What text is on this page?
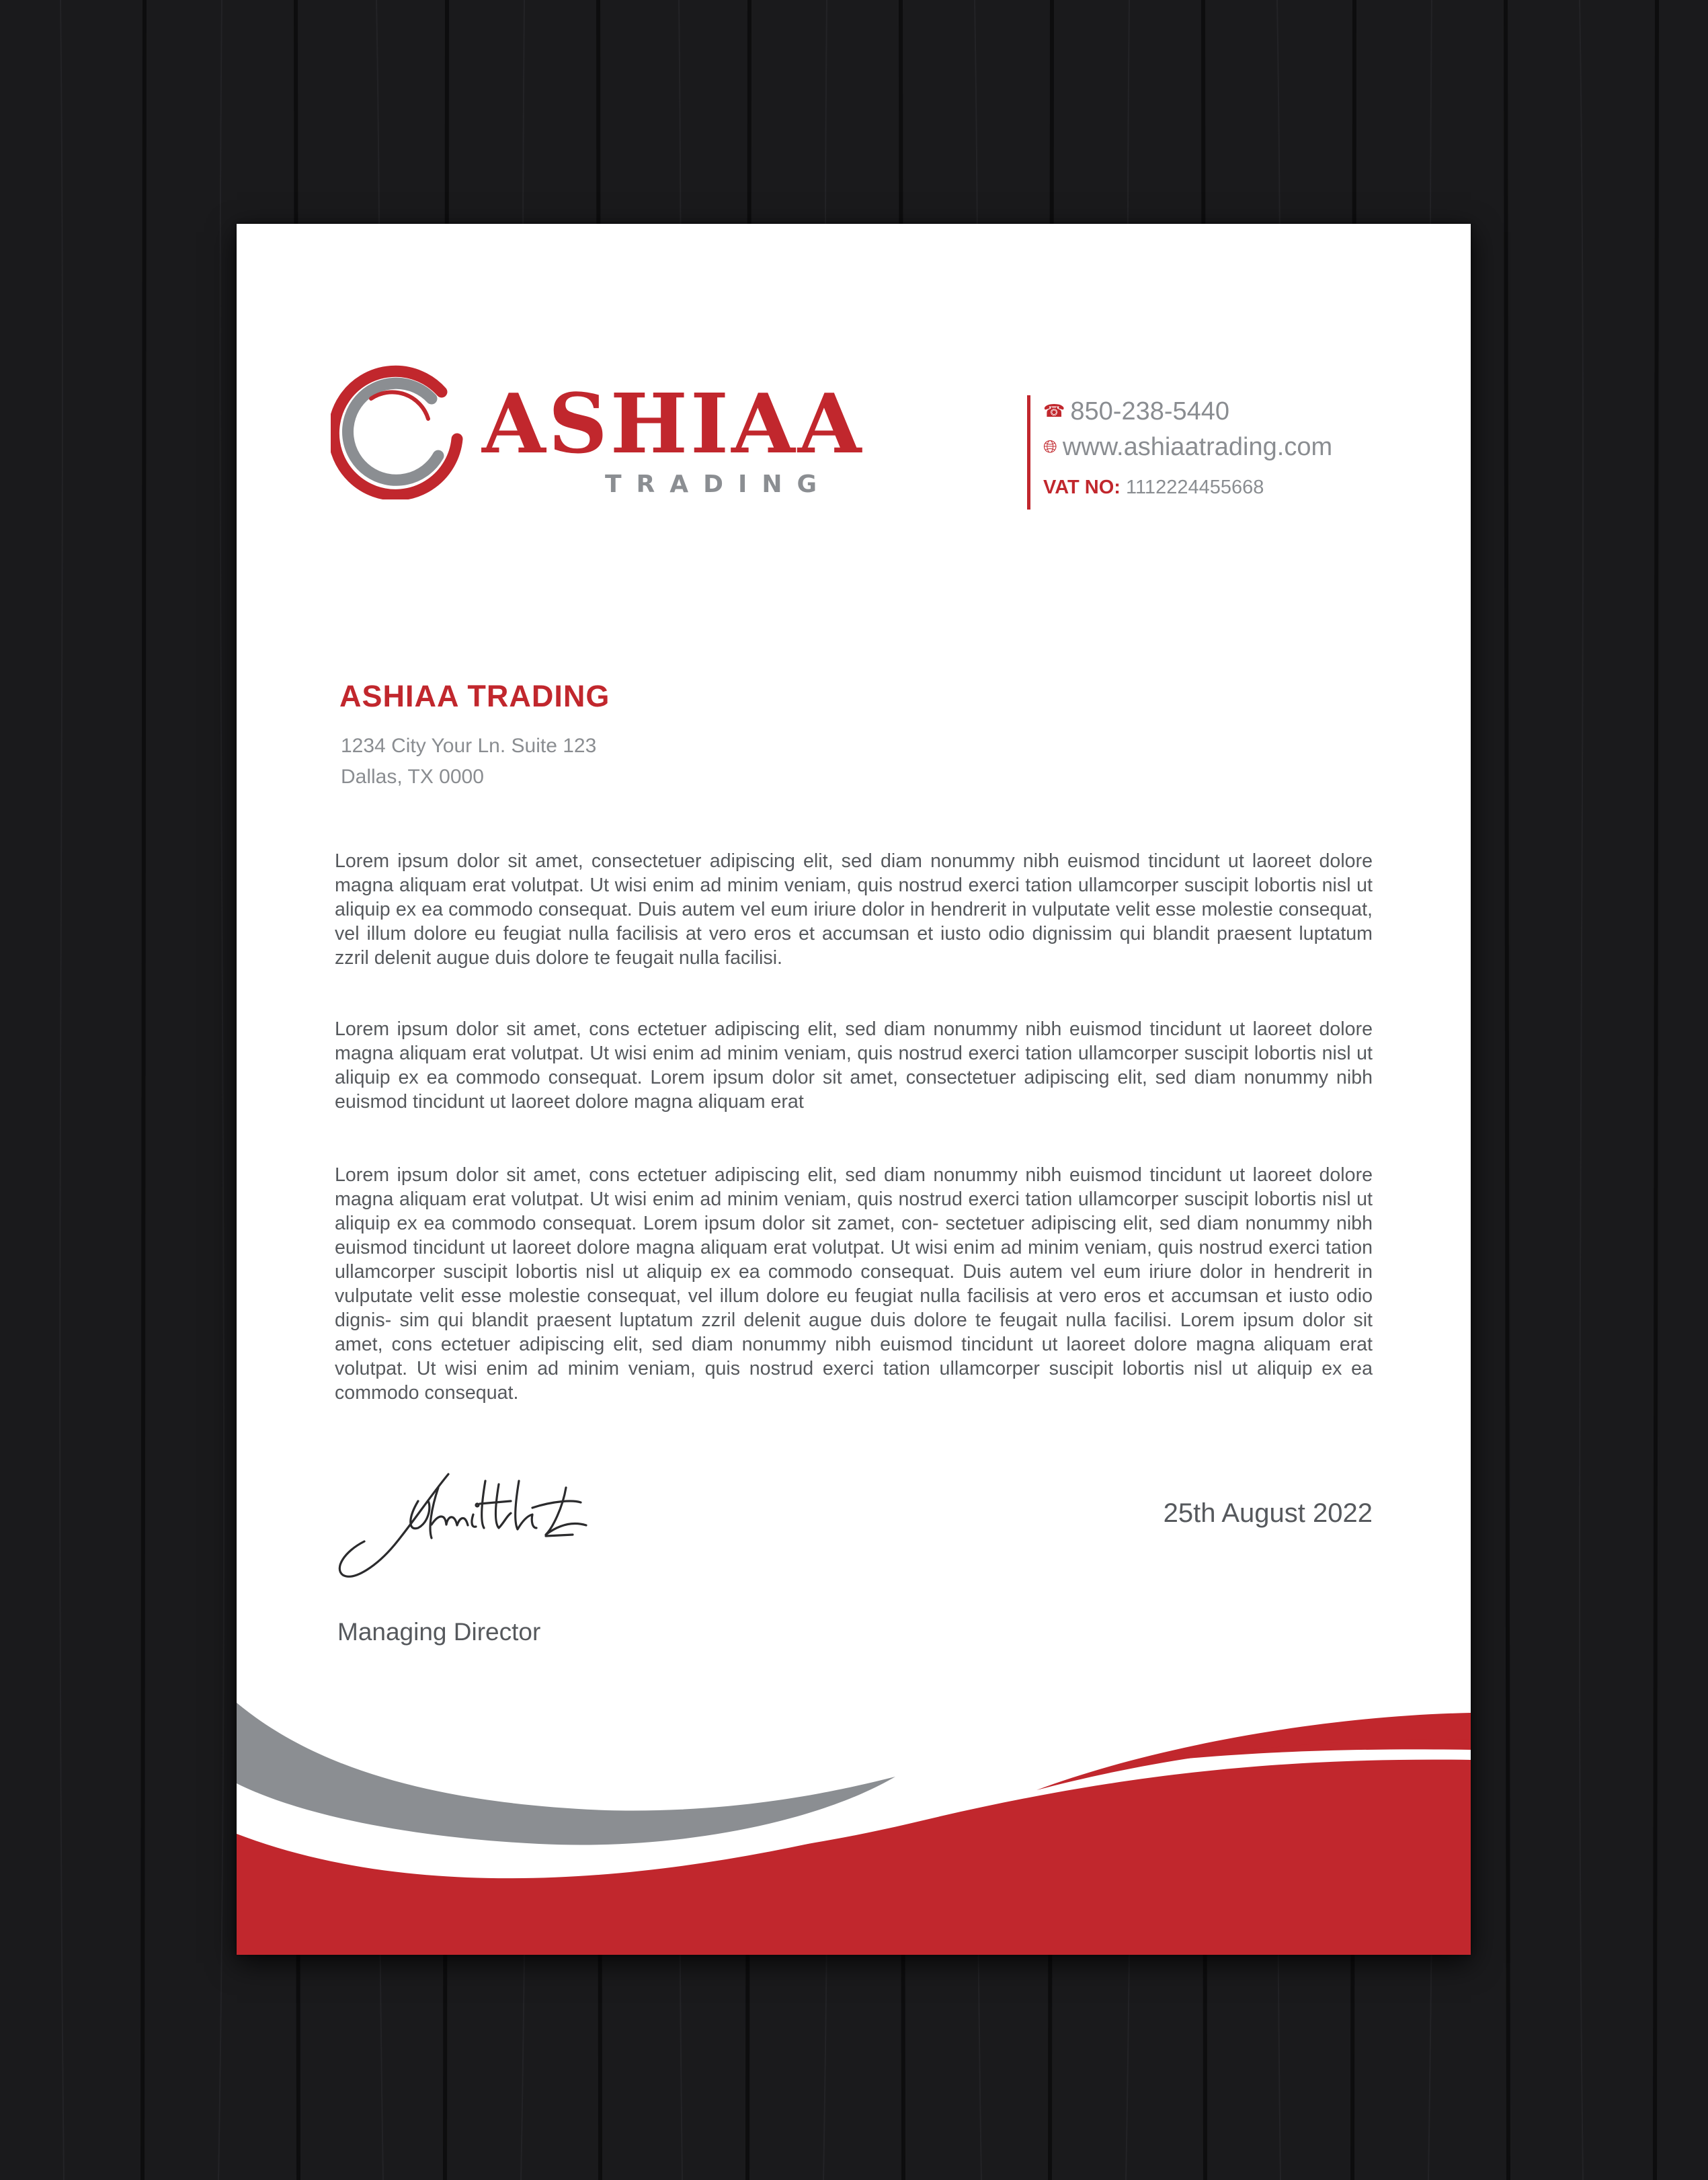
ASHIAA
TRADING
☎ 850-238-5440
🌐︎ www.ashiaatrading.com
VAT NO: 1112224455668
ASHIAA TRADING
1234 City Your Ln. Suite 123
Dallas, TX 0000

Lorem ipsum dolor sit amet, consectetuer adipiscing elit, sed diam nonummy nibh euismod tincidunt ut laoreet dolore magna aliquam erat volutpat. Ut wisi enim ad minim veniam, quis nostrud exerci tation ullamcorper suscipit lobortis nisl ut aliquip ex ea commodo consequat. Duis autem vel eum iriure dolor in hendrerit in vulputate velit esse molestie consequat, vel illum dolore eu feugiat nulla facilisis at vero eros et accumsan et iusto odio dignissim qui blandit praesent luptatum zzril delenit augue duis dolore te feugait nulla facilisi.

Lorem ipsum dolor sit amet, cons ectetuer adipiscing elit, sed diam nonummy nibh euismod tincidunt ut laoreet dolore magna aliquam erat volutpat. Ut wisi enim ad minim veniam, quis nostrud exerci tation ullamcorper suscipit lobortis nisl ut aliquip ex ea commodo consequat. Lorem ipsum dolor sit amet, consectetuer adipiscing elit, sed diam nonummy nibh euismod tincidunt ut laoreet dolore magna aliquam erat

Lorem ipsum dolor sit amet, cons ectetuer adipiscing elit, sed diam nonummy nibh euismod tincidunt ut laoreet dolore magna aliquam erat volutpat. Ut wisi enim ad minim veniam, quis nostrud exerci tation ullamcorper suscipit lobortis nisl ut aliquip ex ea commodo consequat. Lorem ipsum dolor sit zamet, con- sectetuer adipiscing elit, sed diam nonummy nibh euismod tincidunt ut laoreet dolore magna aliquam erat volutpat. Ut wisi enim ad minim veniam, quis nostrud exerci tation ullamcorper suscipit lobortis nisl ut aliquip ex ea commodo consequat. Duis autem vel eum iriure dolor in hendrerit in vulputate velit esse molestie consequat, vel illum dolore eu feugiat nulla facilisis at vero eros et accumsan et iusto odio dignis- sim qui blandit praesent luptatum zzril delenit augue duis dolore te feugait nulla facilisi. Lorem ipsum dolor sit amet, cons ectetuer adipiscing elit, sed diam nonummy nibh euismod tincidunt ut laoreet dolore magna aliquam erat volutpat. Ut wisi enim ad minim veniam, quis nostrud exerci tation ullamcorper suscipit lobortis nisl ut aliquip ex ea commodo consequat.

25th August 2022
Managing Director
